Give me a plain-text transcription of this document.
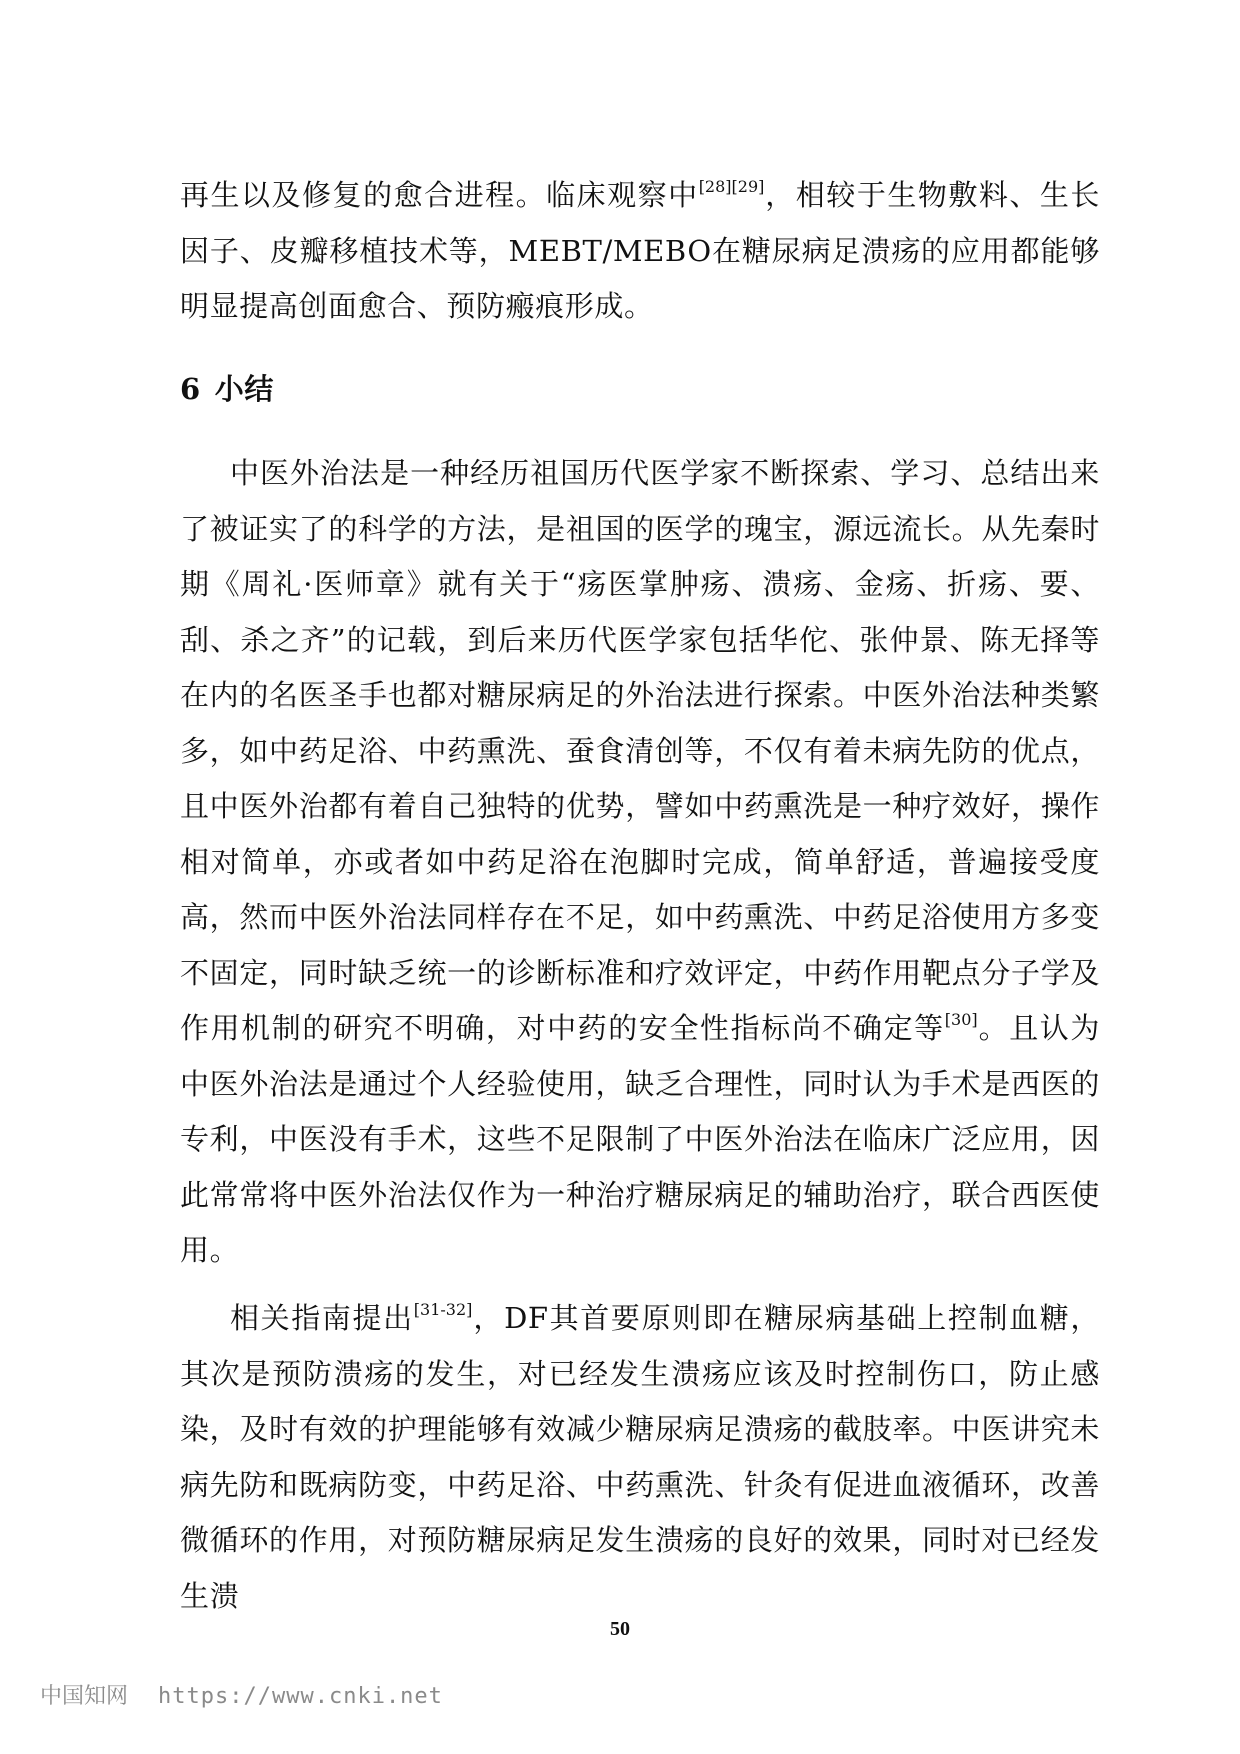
再生以及修复的愈合进程。临床观察中[28][29]，相较于生物敷料、生长因子、皮瓣移植技术等，MEBT/MEBO在糖尿病足溃疡的应用都能够明显提高创面愈合、预防瘢痕形成。

6 小结

中医外治法是一种经历祖国历代医学家不断探索、学习、总结出来了被证实了的科学的方法，是祖国的医学的瑰宝，源远流长。从先秦时期《周礼·医师章》就有关于“疡医掌肿疡、溃疡、金疡、折疡、要、刮、杀之齐”的记载，到后来历代医学家包括华佗、张仲景、陈无择等在内的名医圣手也都对糖尿病足的外治法进行探索。中医外治法种类繁多，如中药足浴、中药熏洗、蚕食清创等，不仅有着未病先防的优点，且中医外治都有着自己独特的优势，譬如中药熏洗是一种疗效好，操作相对简单，亦或者如中药足浴在泡脚时完成，简单舒适，普遍接受度高，然而中医外治法同样存在不足，如中药熏洗、中药足浴使用方多变不固定，同时缺乏统一的诊断标准和疗效评定，中药作用靶点分子学及作用机制的研究不明确，对中药的安全性指标尚不确定等[30]。且认为中医外治法是通过个人经验使用，缺乏合理性，同时认为手术是西医的专利，中医没有手术，这些不足限制了中医外治法在临床广泛应用，因此常常将中医外治法仅作为一种治疗糖尿病足的辅助治疗，联合西医使用。

相关指南提出[31-32]，DF其首要原则即在糖尿病基础上控制血糖，其次是预防溃疡的发生，对已经发生溃疡应该及时控制伤口，防止感染，及时有效的护理能够有效减少糖尿病足溃疡的截肢率。中医讲究未病先防和既病防变，中药足浴、中药熏洗、针灸有促进血液循环，改善微循环的作用，对预防糖尿病足发生溃疡的良好的效果，同时对已经发生溃

50
中国知网 https://www.cnki.net
